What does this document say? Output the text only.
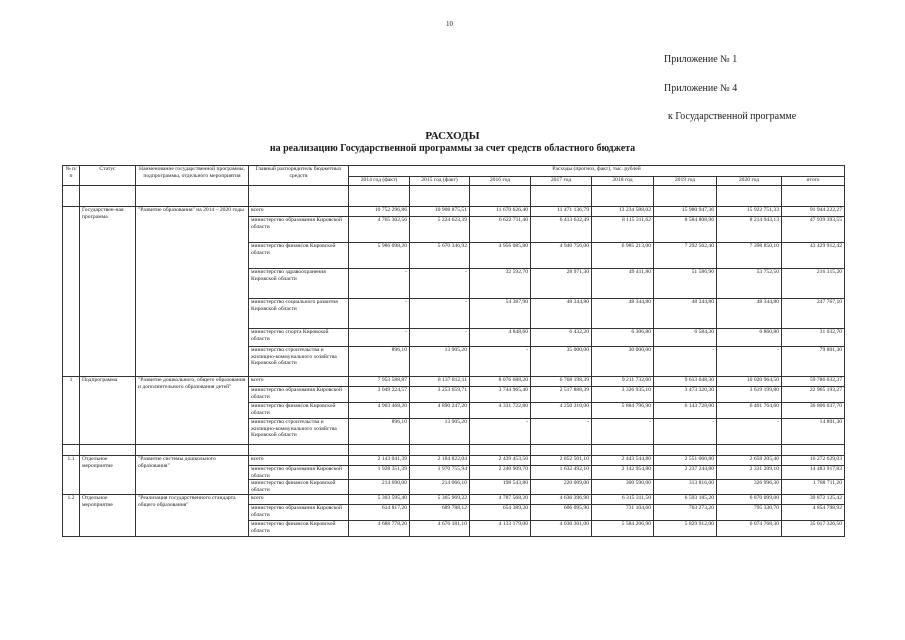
10
Приложение № 1
Приложение № 4
к Государственной программе
РАСХОДЫ
на реализацию Государственной программы за счет средств областного бюджета
№ п/п	Статус	Наименование государственной программы, подпрограммы, отдельного мероприятия	Главный распорядитель бюджетных средств	Расходы (прогноз, факт), тыс. рублей							
				2014 год (факт)	2015 год (факт)	2016 год	2017 год	2018 год	2019 год	2020 год	итого

	Государствен-ная программа	"Развитие образования" на 2014 – 2020 годы	всего	10 752 296,86	10 908 875,51	11 670 626,40	11 471 136,79	13 234 588,02	15 980 947,36	15 922 751,33	91 944 222,27
			министерство образования Кировской области	4 765 302,56	5 224 623,39	6 622 711,40	6 413 632,49	8 115 311,62	8 584 808,96	8 214 943,13	47 939 393,55
			министерство финансов Кировской области	5 986 098,20	5 670 346,92	4 956 085,80	4 940 756,00	6 985 213,00	7 292 562,40	7 398 850,10	43 429 912,42
			министерство здравоохранения Кировской области	-	-	32 592,70	28 971,30	49 411,80	51 586,90	53 752,50	216 315,20
			министерство социального развития Кировской области	-	-	54 387,90	48 344,80	48 344,80	48 344,80	48 344,80	247 767,10
			министерство спорта Кировской области	-	-	4 848,60	6 432,20	6 306,80	6 584,30	6 860,80	31 032,70
			министерство строительства и жилищно-коммунального хозяйства Кировской области	896,10	13 905,20	-	35 000,00	30 000,00	-	-	79 801,30
1	Подпрограмма	"Развитие дошкольного, общего образования и дополнительного образования детей"	всего	7 953 588,87	8 137 812,11	8 076 688,20	6 768 198,39	9 211 732,00	9 613 048,30	10 020 964,50	59 786 032,37
			министерство образования Кировской области	3 049 224,57	3 253 659,71	3 744 965,40	2 517 888,39	3 326 935,10	3 473 320,30	3 619 199,80	22 965 193,27
			министерство финансов Кировской области	4 903 468,20	4 890 247,20	4 331 722,80	4 250 310,00	5 884 796,90	6 143 728,00	6 401 764,60	36 806 037,70
			министерство строительства и жилищно-коммунального хозяйства Кировской области	896,10	13 905,20	-	-	-	-	-	14 801,30

1.1	Отдельное мероприятие	"Развитие системы дошкольного образования"	всего	2 143 041,39	2 184 822,04	2 439 453,50	2 852 501,10	2 443 544,80	2 551 060,80	2 658 205,40	16 272 629,03
			министерство образования Кировской области	1 928 351,39	1 970 755,94	2 240 909,70	1 632 492,10	2 142 954,80	2 237 244,80	2 331 209,10	14 483 917,83
			министерство финансов Кировской области	214 690,00	214 066,10	198 543,80	220 009,00	300 590,00	313 816,00	326 996,30	1 788 711,20
1.2	Отдельное мероприятие	"Реализация государственного стандарта общего образования"	всего	5 303 595,40	5 365 969,22	4 787 568,20	4 636 396,90	6 315 311,50	6 593 185,20	6 870 099,00	39 872 125,42
			министерство образования Кировской области	614 817,20	689 788,12	654 389,20	606 095,90	731 104,60	763 273,20	795 330,70	4 854 798,92
			министерство финансов Кировской области	4 688 778,20	4 676 181,10	4 133 179,00	4 030 301,00	5 584 206,90	5 829 912,00	6 074 768,30	35 017 326,50
